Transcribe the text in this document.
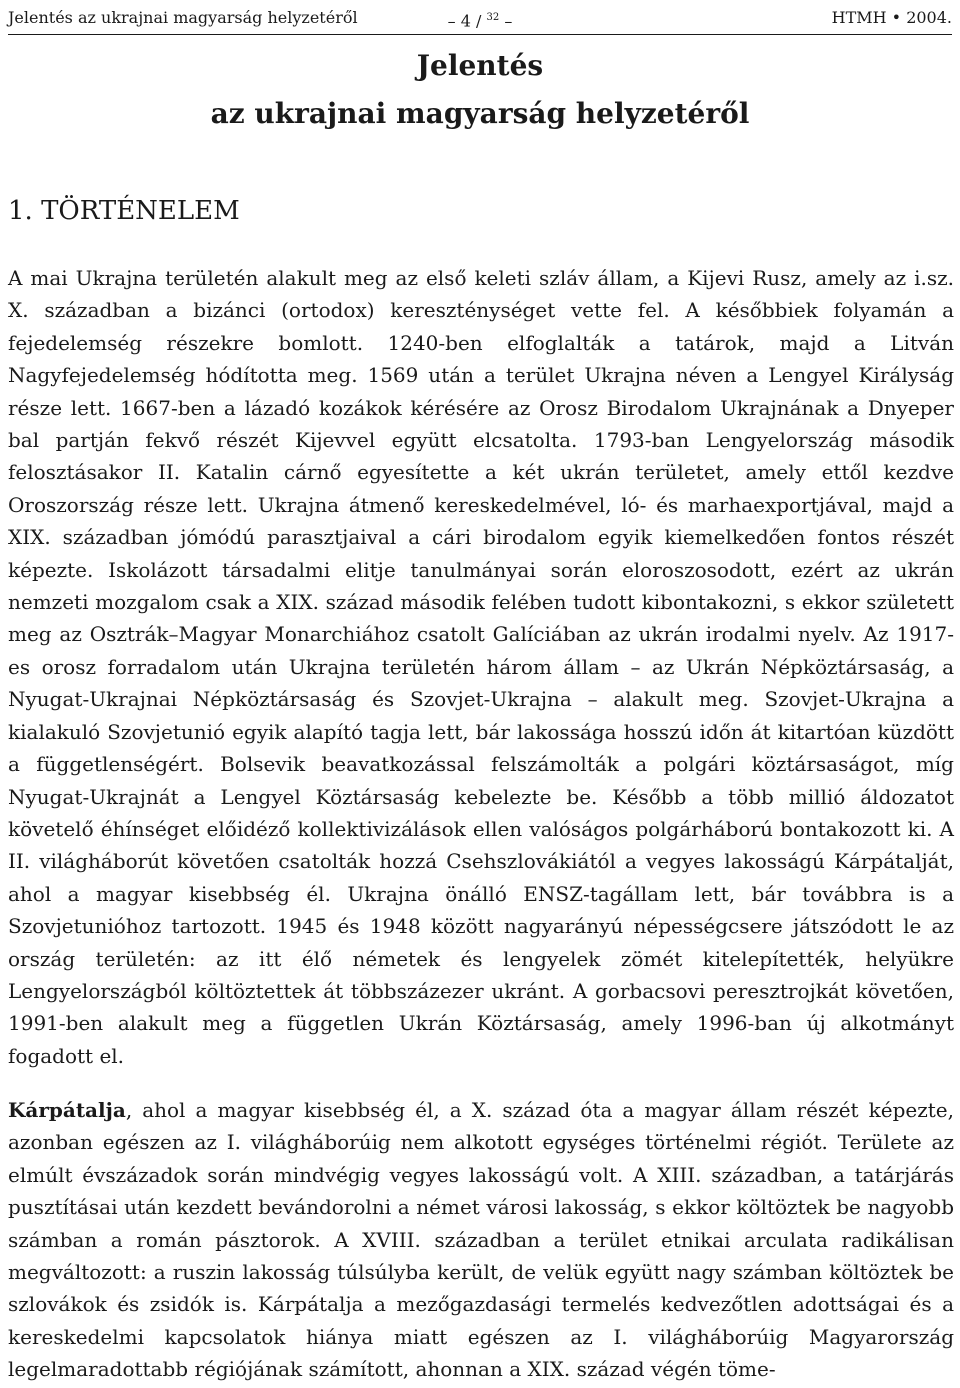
Jelentés az ukrajnai magyarság helyzetéről	– 4 / $^{32}$ –	HTMH • 2004.
Jelentés
az ukrajnai magyarság helyzetéről
1. TÖRTÉNELEM

A mai Ukrajna területén alakult meg az első keleti szláv állam, a Kijevi Rusz, amely az i.sz. X. században a bizánci (ortodox) kereszténységet vette fel. A későbbiek folyamán a fejedelemség részekre bomlott. 1240-ben elfoglalták a tatárok, majd a Litván Nagyfejedelemség hódította meg. 1569 után a terület Ukrajna néven a Lengyel Királyság része lett. 1667-ben a lázadó kozákok kérésére az Orosz Birodalom Ukrajnának a Dnyeper bal partján fekvő részét Kijevvel együtt elcsatolta. 1793-ban Lengyelország második felosztásakor II. Katalin cárnő egyesítette a két ukrán területet, amely ettől kezdve Oroszország része lett. Ukrajna átmenő kereskedelmével, ló- és marhaexportjával, majd a XIX. században jómódú parasztjaival a cári birodalom egyik kiemelkedően fontos részét képezte. Iskolázott társadalmi elitje tanulmányai során eloroszosodott, ezért az ukrán nemzeti mozgalom csak a XIX. század második felében tudott kibontakozni, s ekkor született meg az Osztrák–Magyar Monarchiához csatolt Galíciában az ukrán irodalmi nyelv. Az 1917-es orosz forradalom után Ukrajna területén három állam – az Ukrán Népköztársaság, a Nyugat-Ukrajnai Népköztársaság és Szovjet-Ukrajna – alakult meg. Szovjet-Ukrajna a kialakuló Szovjetunió egyik alapító tagja lett, bár lakossága hosszú időn át kitartóan küzdött a függetlenségért. Bolsevik beavatkozással felszámolták a polgári köztársaságot, míg Nyugat-Ukrajnát a Lengyel Köztársaság kebelezte be. Később a több millió áldozatot követelő éhínséget előidéző kollektivizálások ellen valóságos polgárháború bontakozott ki. A II. világháborút követően csatolták hozzá Csehszlovákiától a vegyes lakosságú Kárpátalját, ahol a magyar kisebbség él. Ukrajna önálló ENSZ-tagállam lett, bár továbbra is a Szovjetunióhoz tartozott. 1945 és 1948 között nagyarányú népességcsere játszódott le az ország területén: az itt élő németek és lengyelek zömét kitelepítették, helyükre Lengyelországból költöztettek át többszázezer ukránt. A gorbacsovi peresztrojkát követően, 1991-ben alakult meg a független Ukrán Köztársaság, amely 1996-ban új alkotmányt fogadott el.

Kárpátalja, ahol a magyar kisebbség él, a X. század óta a magyar állam részét képezte, azonban egészen az I. világháborúig nem alkotott egységes történelmi régiót. Területe az elmúlt évszázadok során mindvégig vegyes lakosságú volt. A XIII. században, a tatárjárás pusztításai után kezdett bevándorolni a német városi lakosság, s ekkor költöztek be nagyobb számban a román pásztorok. A XVIII. században a terület etnikai arculata radikálisan megváltozott: a ruszin lakosság túlsúlyba került, de velük együtt nagy számban költöztek be szlovákok és zsidók is. Kárpátalja a mezőgazdasági termelés kedvezőtlen adottságai és a kereskedelmi kapcsolatok hiánya miatt egészen az I. világháborúig Magyarország legelmaradottabb régiójának számított, ahonnan a XIX. század végén töme-
